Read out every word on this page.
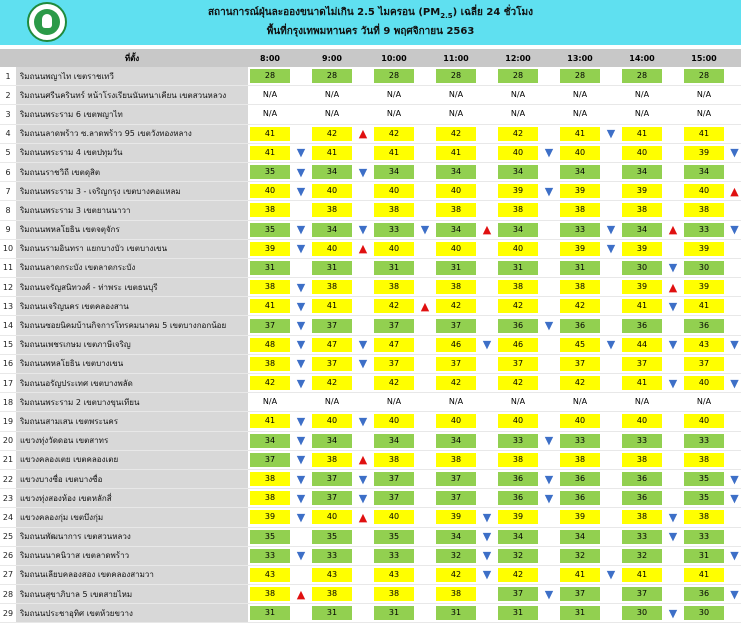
สถานการณ์ฝุ่นละอองขนาดไม่เกิน 2.5 ไมครอน $(PM_{2.5})$ เฉลี่ย 24 ชั่วโมง
พื้นที่กรุงเทพมหานคร วันที่ 9 พฤศจิกายน 2563
	ที่ตั้ง	8:00		9:00		10:00		11:00		12:00		13:00		14:00		15:00	
1	ริมถนนพญาไท เขตราชเทวี	28		28		28		28		28		28		28		28	

2	ริมถนนศรีนครินทร์ หน้าโรงเรียนนันทนาเคียน เขตสวนหลวง	N/A		N/A		N/A		N/A		N/A		N/A		N/A		N/A	

3	ริมถนนพระราม 6 เขตพญาไท	N/A		N/A		N/A		N/A		N/A		N/A		N/A		N/A	

4	ริมถนนลาดพร้าว ซ.ลาดพร้าว 95 เขตวังทองหลาง	41		42	▲	42		42		42		41	▼	41		41	

5	ริมถนนพระราม 4 เขตปทุมวัน	41	▼	41		41		41		40	▼	40		40		39	▼
6	ริมถนนราชวิถี เขตดุสิต	35	▼	34	▼	34		34		34		34		34		34	

7	ริมถนนพระราม 3 - เจริญกรุง เขตบางคอแหลม	40	▼	40		40		40		39	▼	39		39		40	▲
8	ริมถนนพระราม 3 เขตยานนาวา	38		38		38		38		38		38		38		38	

9	ริมถนนพหลโยธิน เขตจตุจักร	35	▼	34	▼	33	▼	34	▲	34		33	▼	34	▲	33	▼
10	ริมถนนรามอินทรา แยกบางบัว เขตบางเขน	39	▼	40	▲	40		40		40		39	▼	39		39	

11	ริมถนนลาดกระบัง เขตลาดกระบัง	31		31		31		31		31		31		30	▼	30	

12	ริมถนนจรัญสนิทวงศ์ - ท่าพระ เขตธนบุรี	38	▼	38		38		38		38		38		39	▲	39	

13	ริมถนนเจริญนคร เขตคลองสาน	41	▼	41		42	▲	42		42		42		41	▼	41	

14	ริมถนนซอยนิคมบ้านกิจการโทรคมนาคม 5 เขตบางกอกน้อย	37	▼	37		37		37		36	▼	36		36		36	

15	ริมถนนเพชรเกษม เขตภาษีเจริญ	48	▼	47	▼	47		46	▼	46		45	▼	44	▼	43	▼
16	ริมถนนพหลโยธิน เขตบางเขน	38	▼	37	▼	37		37		37		37		37		37	

17	ริมถนนอรัญประเทศ เขตบางพลัด	42	▼	42		42		42		42		42		41	▼	40	▼
18	ริมถนนพระราม 2 เขตบางขุนเทียน	N/A		N/A		N/A		N/A		N/A		N/A		N/A		N/A	

19	ริมถนนสามเสน เขตพระนคร	41	▼	40	▼	40		40		40		40		40		40	

20	แขวงทุ่งวัดดอน เขตสาทร	34	▼	34		34		34		33	▼	33		33		33	

21	แขวงคลองเตย เขตคลองเตย	37	▼	38	▲	38		38		38		38		38		38	

22	แขวงบางซื่อ เขตบางซื่อ	38	▼	37	▼	37		37		36	▼	36		36		35	▼
23	แขวงทุ่งสองห้อง เขตหลักสี่	38	▼	37	▼	37		37		36	▼	36		36		35	▼
24	แขวงคลองกุ่ม เขตบึงกุ่ม	39	▼	40	▲	40		39	▼	39		39		38	▼	38	

25	ริมถนนพัฒนาการ เขตสวนหลวง	35		35		35		34	▼	34		34		33	▼	33	

26	ริมถนนนาคนิวาส เขตลาดพร้าว	33	▼	33		33		32	▼	32		32		32		31	▼
27	ริมถนนเลียบคลองสอง เขตคลองสามวา	43		43		43		42	▼	42		41	▼	41		41	

28	ริมถนนสุขาภิบาล 5 เขตสายไหม	38	▲	38		38		38		37	▼	37		37		36	▼
29	ริมถนนประชาอุทิศ เขตห้วยขวาง	31		31		31		31		31		31		30	▼	30	
